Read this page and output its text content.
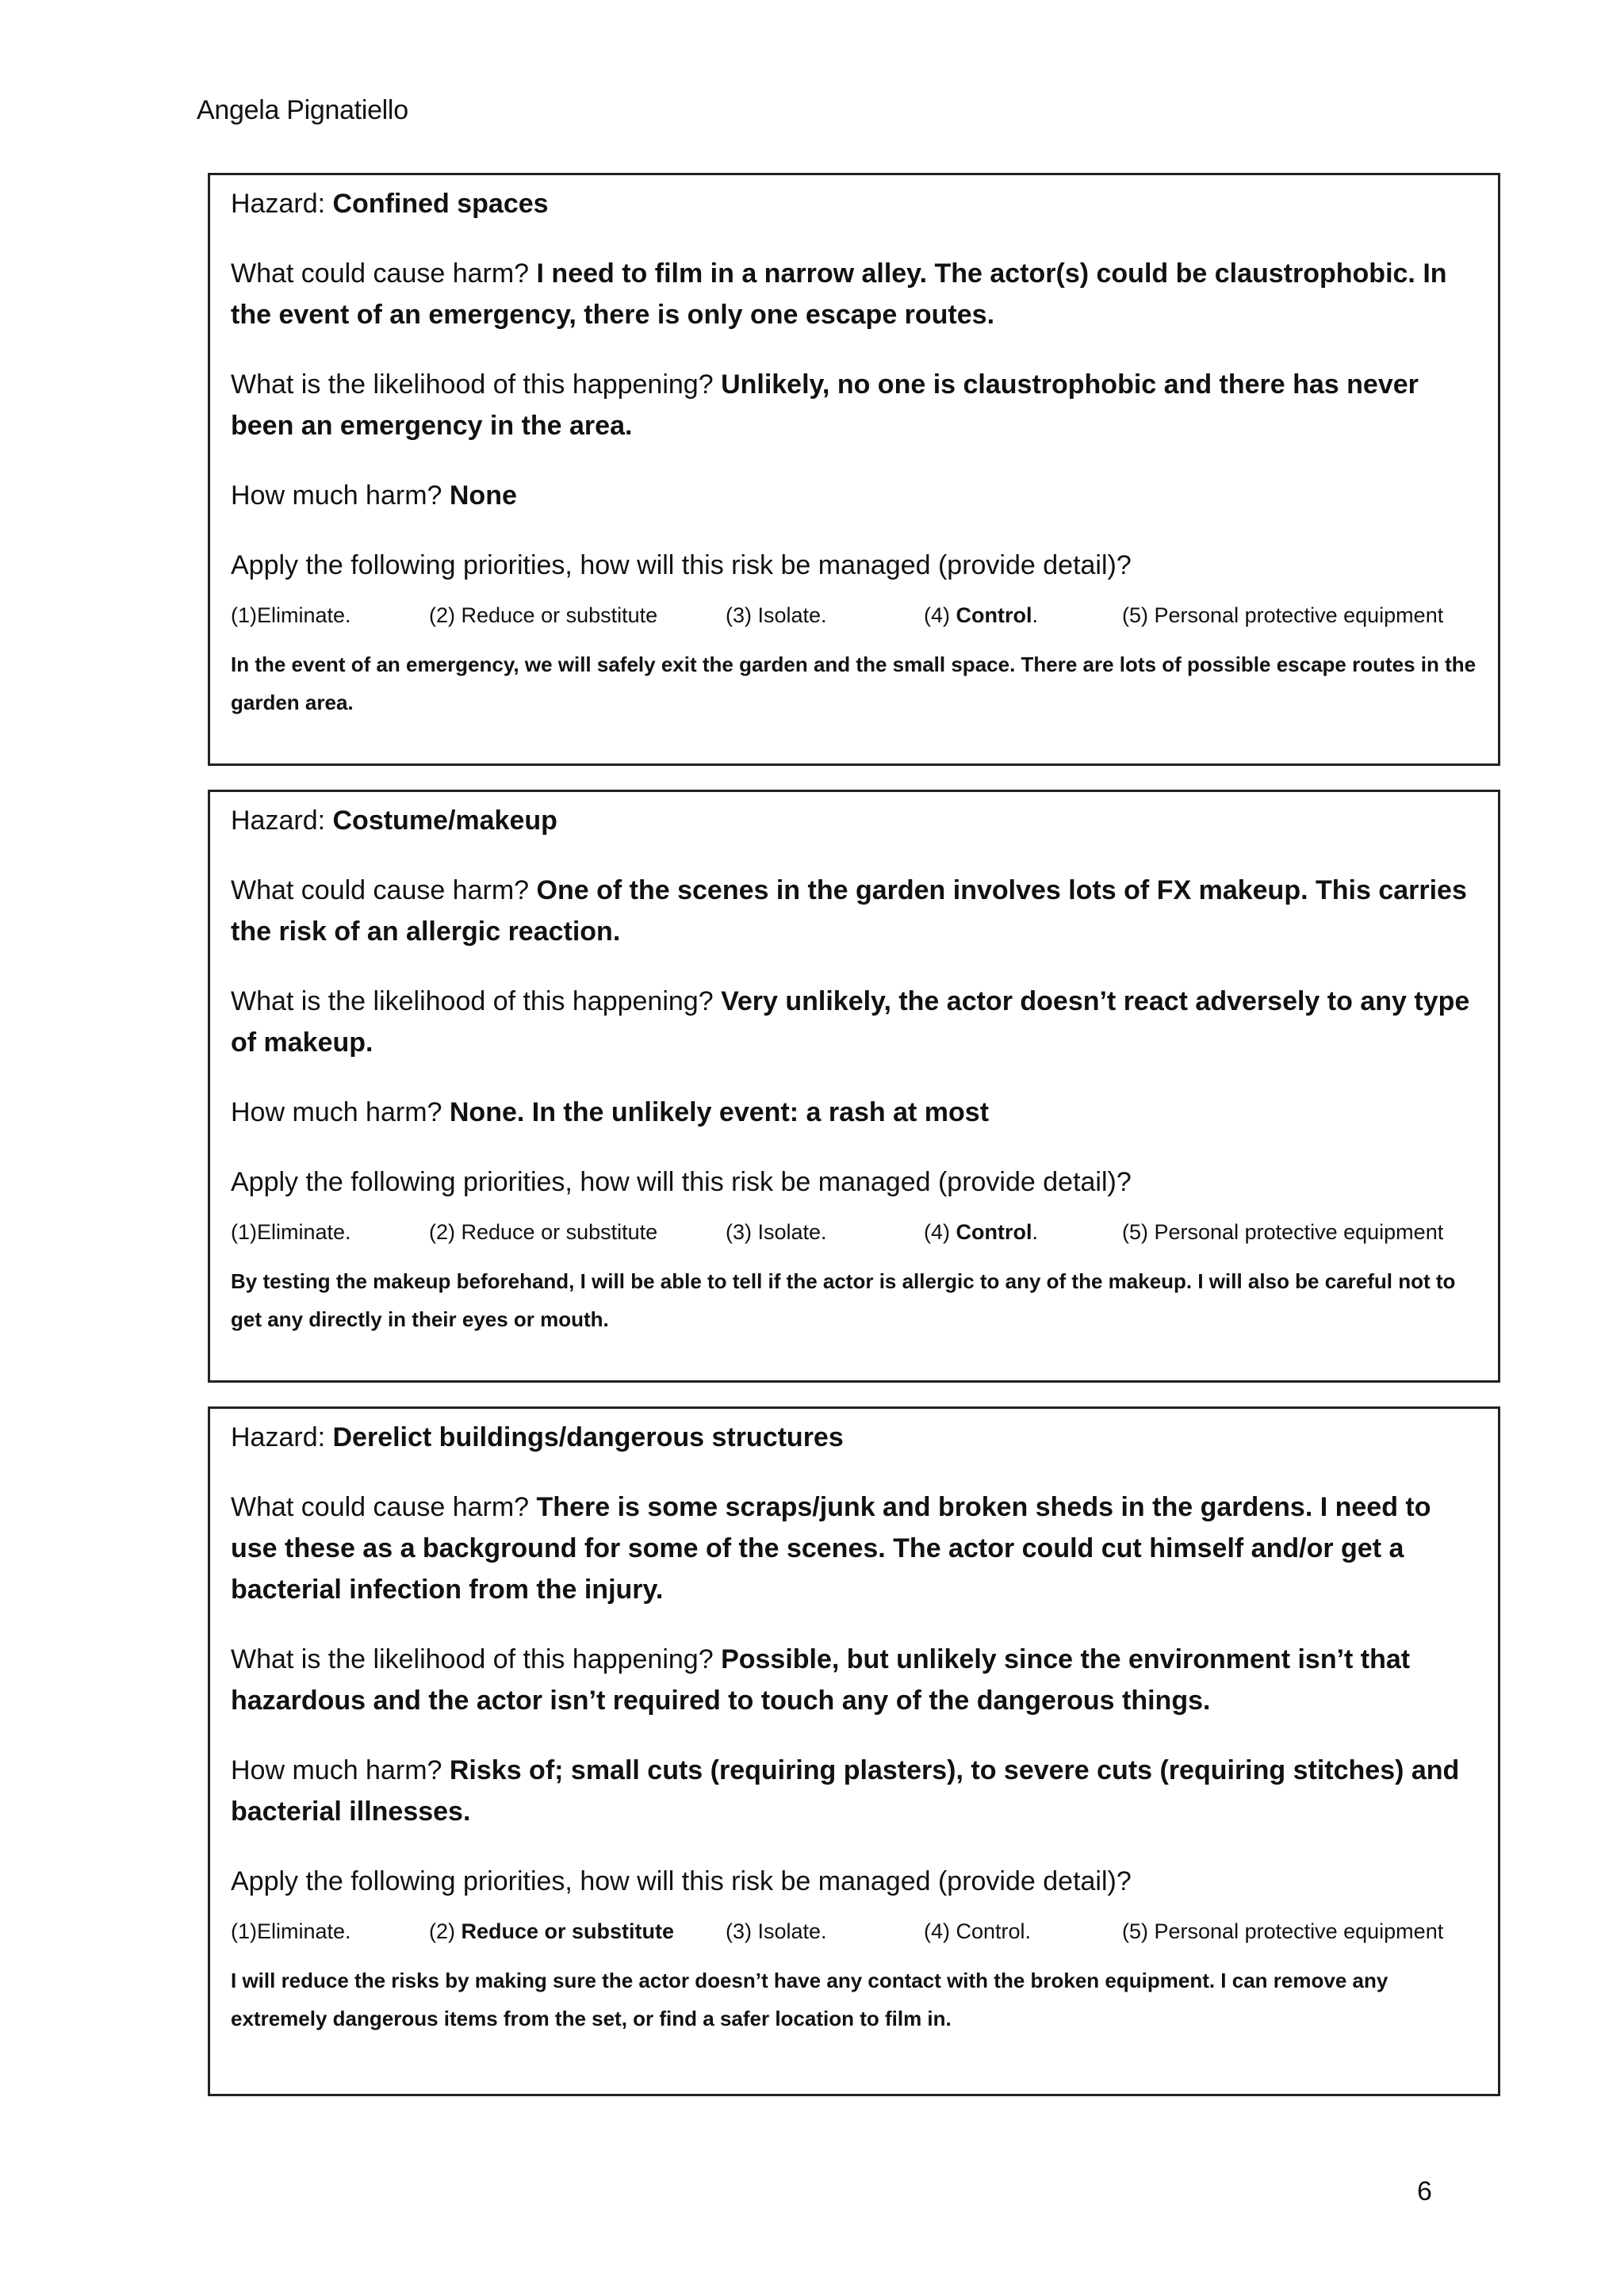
Angela Pignatiello
Hazard: Confined spaces
What could cause harm? I need to film in a narrow alley. The actor(s) could be claustrophobic. In the event of an emergency, there is only one escape routes.
What is the likelihood of this happening? Unlikely, no one is claustrophobic and there has never been an emergency in the area.
How much harm? None
Apply the following priorities, how will this risk be managed (provide detail)?
(1)Eliminate.	(2) Reduce or substitute	(3) Isolate.	(4) Control.	(5) Personal protective equipment

In the event of an emergency, we will safely exit the garden and the small space. There are lots of possible escape routes in the garden area.

Hazard: Costume/makeup
What could cause harm? One of the scenes in the garden involves lots of FX makeup. This carries the risk of an allergic reaction.
What is the likelihood of this happening? Very unlikely, the actor doesn’t react adversely to any type of makeup.
How much harm? None. In the unlikely event: a rash at most
Apply the following priorities, how will this risk be managed (provide detail)?
(1)Eliminate.	(2) Reduce or substitute	(3) Isolate.	(4) Control.	(5) Personal protective equipment

By testing the makeup beforehand, I will be able to tell if the actor is allergic to any of the makeup. I will also be careful not to get any directly in their eyes or mouth.

Hazard: Derelict buildings/dangerous structures
What could cause harm? There is some scraps/junk and broken sheds in the gardens. I need to use these as a background for some of the scenes. The actor could cut himself and/or get a bacterial infection from the injury.
What is the likelihood of this happening? Possible, but unlikely since the environment isn’t that hazardous and the actor isn’t required to touch any of the dangerous things.
How much harm? Risks of; small cuts (requiring plasters), to severe cuts (requiring stitches) and bacterial illnesses.
Apply the following priorities, how will this risk be managed (provide detail)?
(1)Eliminate.	(2) Reduce or substitute	(3) Isolate.	(4) Control.	(5) Personal protective equipment

I will reduce the risks by making sure the actor doesn’t have any contact with the broken equipment. I can remove any extremely dangerous items from the set, or find a safer location to film in.

6
